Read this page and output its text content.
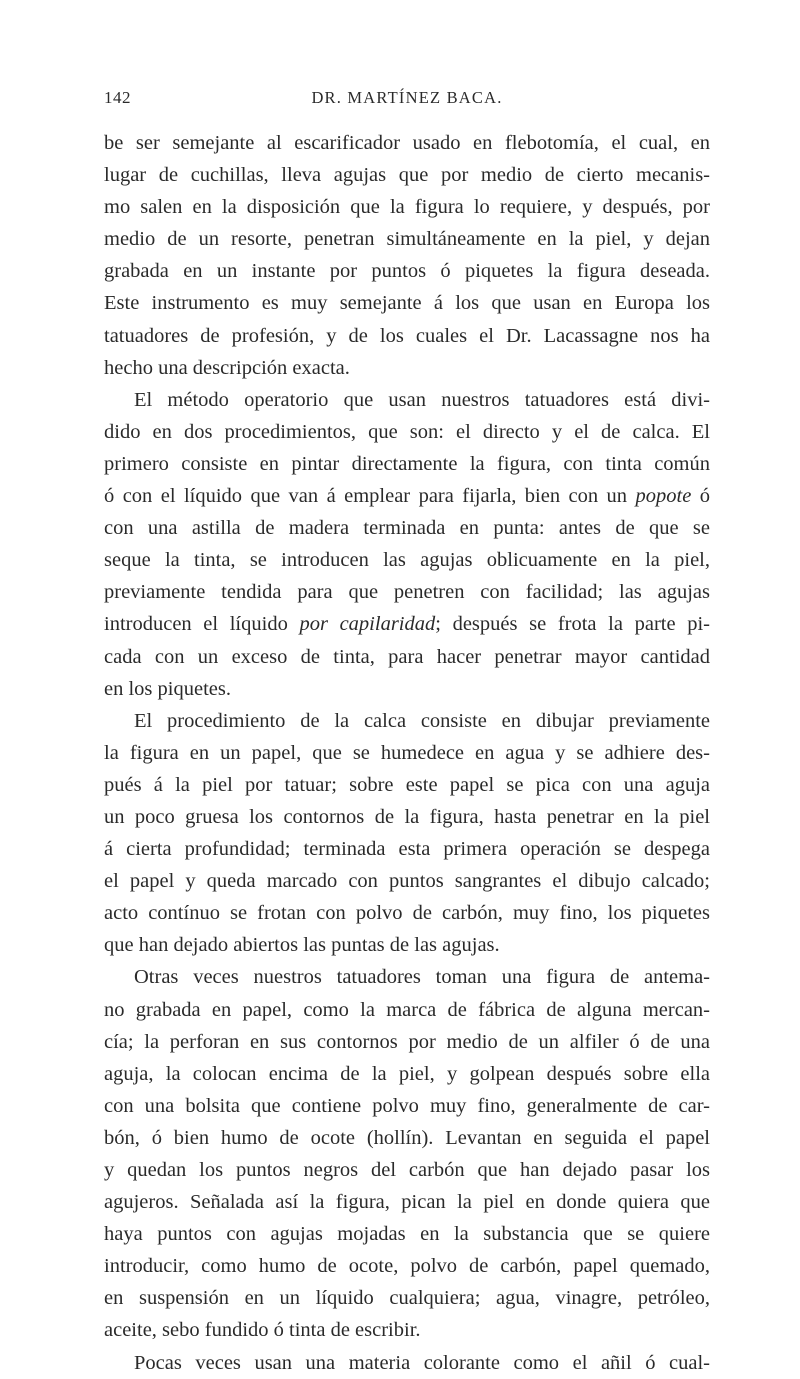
142	DR. MARTÍNEZ BACA.
be ser semejante al escarificador usado en flebotomía, el cual, en
lugar de cuchillas, lleva agujas que por medio de cierto mecanis-
mo salen en la disposición que la figura lo requiere, y después, por
medio de un resorte, penetran simultáneamente en la piel, y dejan
grabada en un instante por puntos ó piquetes la figura deseada.
Este instrumento es muy semejante á los que usan en Europa los
tatuadores de profesión, y de los cuales el Dr. Lacassagne nos ha
hecho una descripción exacta.
El método operatorio que usan nuestros tatuadores está divi-
dido en dos procedimientos, que son: el directo y el de calca. El
primero consiste en pintar directamente la figura, con tinta común
ó con el líquido que van á emplear para fijarla, bien con un popote ó
con una astilla de madera terminada en punta: antes de que se
seque la tinta, se introducen las agujas oblicuamente en la piel,
previamente tendida para que penetren con facilidad; las agujas
introducen el líquido por capilaridad; después se frota la parte pi-
cada con un exceso de tinta, para hacer penetrar mayor cantidad
en los piquetes.
El procedimiento de la calca consiste en dibujar previamente
la figura en un papel, que se humedece en agua y se adhiere des-
pués á la piel por tatuar; sobre este papel se pica con una aguja
un poco gruesa los contornos de la figura, hasta penetrar en la piel
á cierta profundidad; terminada esta primera operación se despega
el papel y queda marcado con puntos sangrantes el dibujo calcado;
acto contínuo se frotan con polvo de carbón, muy fino, los piquetes
que han dejado abiertos las puntas de las agujas.
Otras veces nuestros tatuadores toman una figura de antema-
no grabada en papel, como la marca de fábrica de alguna mercan-
cía; la perforan en sus contornos por medio de un alfiler ó de una
aguja, la colocan encima de la piel, y golpean después sobre ella
con una bolsita que contiene polvo muy fino, generalmente de car-
bón, ó bien humo de ocote (hollín). Levantan en seguida el papel
y quedan los puntos negros del carbón que han dejado pasar los
agujeros. Señalada así la figura, pican la piel en donde quiera que
haya puntos con agujas mojadas en la substancia que se quiere
introducir, como humo de ocote, polvo de carbón, papel quemado,
en suspensión en un líquido cualquiera; agua, vinagre, petróleo,
aceite, sebo fundido ó tinta de escribir.
Pocas veces usan una materia colorante como el añil ó cual-
